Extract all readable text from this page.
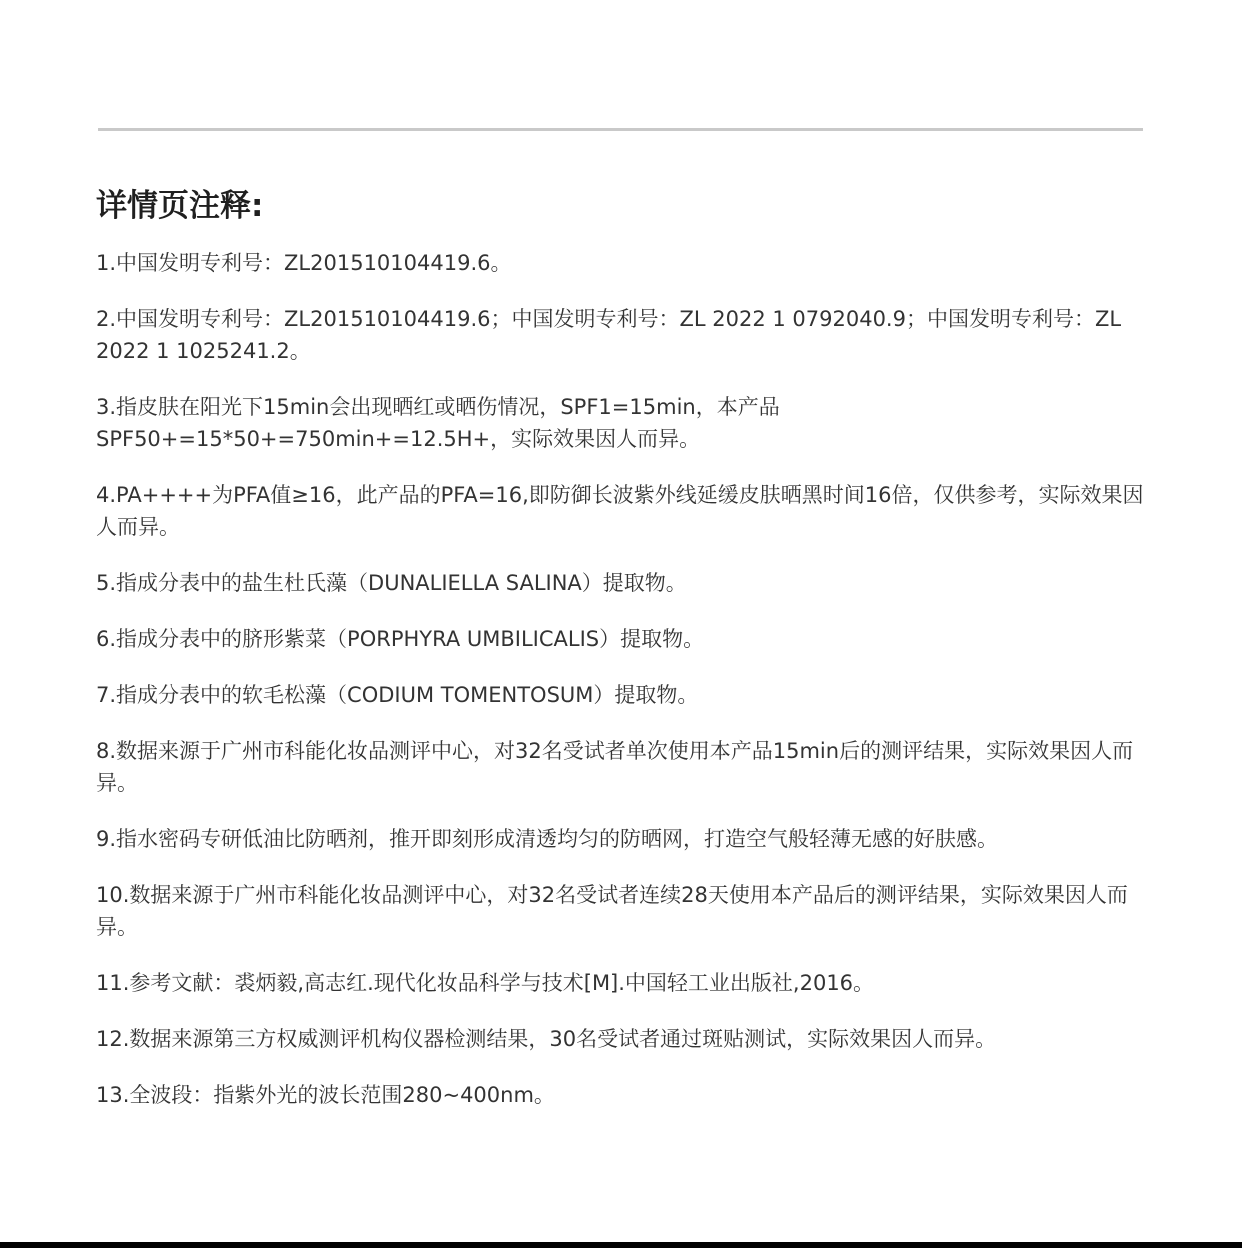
详情页注释:
1.中国发明专利号：ZL201510104419.6。
2.中国发明专利号：ZL201510104419.6；中国发明专利号：ZL 2022 1 0792040.9；中国发明专利号：ZL 2022 1 1025241.2。
3.指皮肤在阳光下15min会出现晒红或晒伤情况，SPF1=15min，本产品SPF50+=15*50+=750min+=12.5H+，实际效果因人而异。
4.PA++++为PFA值≥16，此产品的PFA=16,即防御长波紫外线延缓皮肤晒黑时间16倍，仅供参考，实际效果因人而异。
5.指成分表中的盐生杜氏藻（DUNALIELLA SALINA）提取物。
6.指成分表中的脐形紫菜（PORPHYRA UMBILICALIS）提取物。
7.指成分表中的软毛松藻（CODIUM TOMENTOSUM）提取物。
8.数据来源于广州市科能化妆品测评中心，对32名受试者单次使用本产品15min后的测评结果，实际效果因人而异。
9.指水密码专研低油比防晒剂，推开即刻形成清透均匀的防晒网，打造空气般轻薄无感的好肤感。
10.数据来源于广州市科能化妆品测评中心，对32名受试者连续28天使用本产品后的测评结果，实际效果因人而异。
11.参考文献：裘炳毅,高志红.现代化妆品科学与技术[M].中国轻工业出版社,2016。
12.数据来源第三方权威测评机构仪器检测结果，30名受试者通过斑贴测试，实际效果因人而异。
13.全波段：指紫外光的波长范围280~400nm。
